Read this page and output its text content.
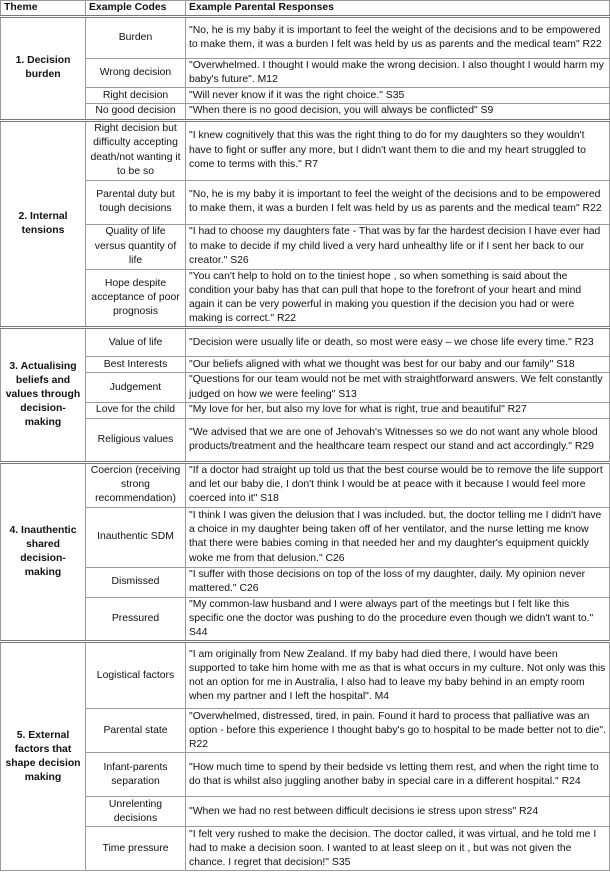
Theme	Example Codes	Example Parental Responses
1. Decision burden	Burden	"No, he is my baby it is important to feel the weight of the decisions and to be empowered to make them, it was a burden I felt was held by us as parents and the medical team" R22
	Wrong decision	"Overwhelmed. I thought I would make the wrong decision. I also thought I would harm my baby's future". M12
	Right decision	"Will never know if it was the right choice." S35
	No good decision	"When there is no good decision, you will always be conflicted" S9
2. Internal tensions	Right decision but difficulty accepting death/not wanting it to be so	"I knew cognitively that this was the right thing to do for my daughters so they wouldn't have to fight or suffer any more, but I didn't want them to die and my heart struggled to come to terms with this." R7
	Parental duty but tough decisions	"No, he is my baby it is important to feel the weight of the decisions and to be empowered to make them, it was a burden I felt was held by us as parents and the medical team" R22
	Quality of life versus quantity of life	"I had to choose my daughters fate - That was by far the hardest decision I have ever had to make to decide if my child lived a very hard unhealthy life or if I sent her back to our creator." S26
	Hope despite acceptance of poor prognosis	"You can't help to hold on to the tiniest hope , so when something is said about the condition your baby has that can pull that hope to the forefront of your heart and mind again it can be very powerful in making you question if the decision you had or were making is correct." R22
3. Actualising beliefs and values through decision-making	Value of life	"Decision were usually life or death, so most were easy – we chose life every time." R23
	Best Interests	"Our beliefs aligned with what we thought was best for our baby and our family" S18
	Judgement	"Questions for our team would not be met with straightforward answers. We felt constantly judged on how we were feeling" S13
	Love for the child	"My love for her, but also my love for what is right, true and beautiful" R27
	Religious values	"We advised that we are one of Jehovah's Witnesses so we do not want any whole blood products/treatment and the healthcare team respect our stand and act accordingly." R29
4. Inauthentic shared decision-making	Coercion (receiving strong recommendation)	"If a doctor had straight up told us that the best course would be to remove the life support and let our baby die, I don't think I would be at peace with it because I would feel more coerced into it" S18
	Inauthentic SDM	"I think I was given the delusion that I was included. but, the doctor telling me I didn't have a choice in my daughter being taken off of her ventilator, and the nurse letting me know that there were babies coming in that needed her and my daughter's equipment quickly woke me from that delusion." C26
	Dismissed	"I suffer with those decisions on top of the loss of my daughter, daily. My opinion never mattered." C26
	Pressured	"My common-law husband and I were always part of the meetings but I felt like this specific one the doctor was pushing to do the procedure even though we didn't want to." S44
5. External factors that shape decision making	Logistical factors	"I am originally from New Zealand. If my baby had died there, I would have been supported to take him home with me as that is what occurs in my culture. Not only was this not an option for me in Australia, I also had to leave my baby behind in an empty room when my partner and I left the hospital". M4
	Parental state	"Overwhelmed, distressed, tired, in pain. Found it hard to process that palliative was an option - before this experience I thought baby's go to hospital to be made better not to die". R22
	Infant-parents separation	"How much time to spend by their bedside vs letting them rest, and when the right time to do that is whilst also juggling another baby in special care in a different hospital." R24
	Unrelenting decisions	"When we had no rest between difficult decisions ie stress upon stress" R24
	Time pressure	"I felt very rushed to make the decision. The doctor called, it was virtual, and he told me I had to make a decision soon. I wanted to at least sleep on it , but was not given the chance. I regret that decision!" S35
